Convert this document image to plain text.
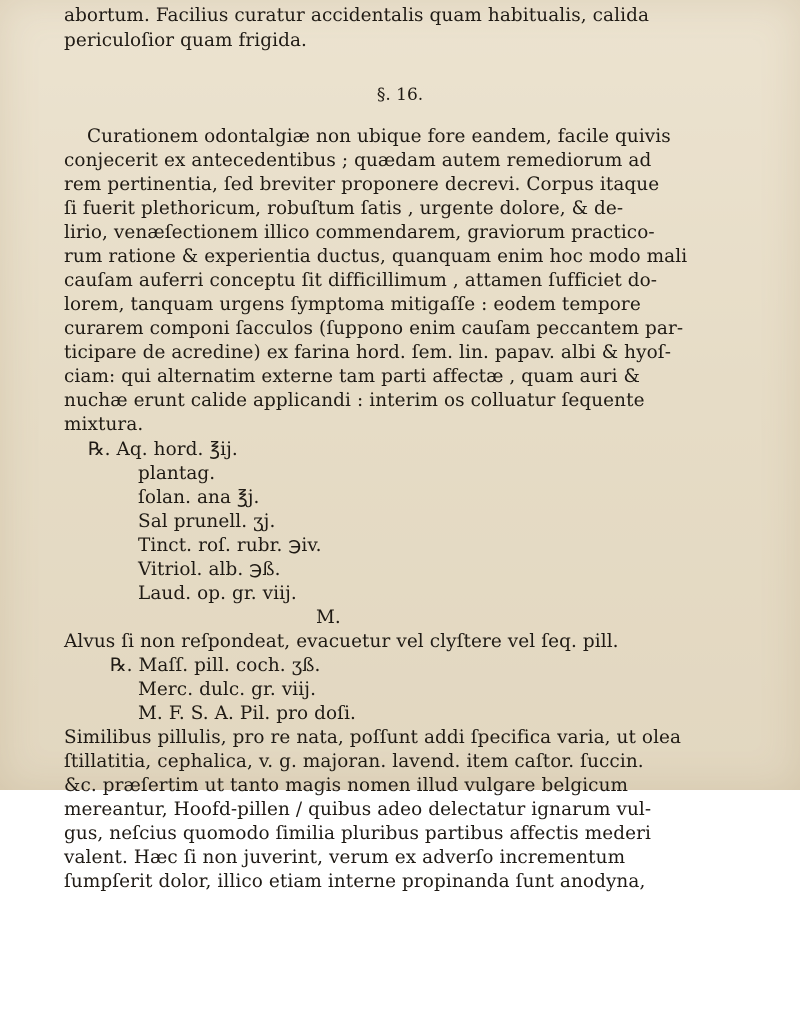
abortum. Facilius curatur accidentalis quam habitualis, calida
periculoſior quam frigida.
§. 16.
Curationem odontalgiæ non ubique fore eandem, facile quivis
conjecerit ex antecedentibus ; quædam autem remediorum ad
rem pertinentia, ſed breviter proponere decrevi. Corpus itaque
ſi fuerit plethoricum, robuſtum ſatis , urgente dolore, & de-
lirio, venæſectionem illico commendarem, graviorum practico-
rum ratione & experientia ductus, quanquam enim hoc modo mali
cauſam auferri conceptu ſit difficillimum , attamen ſufficiet do-
lorem, tanquam urgens ſymptoma mitigaſſe : eodem tempore
curarem componi ſacculos (ſuppono enim cauſam peccantem par-
ticipare de acredine) ex farina hord. ſem. lin. papav. albi & hyoſ-
ciam: qui alternatim externe tam parti affectæ , quam auri &
nuchæ erunt calide applicandi : interim os colluatur ſequente
mixtura.
℞. Aq. hord. ℥ij.
plantag.
ſolan. ana ℥j.
Sal prunell. ʒj.
Tinct. roſ. rubr. ℈iv.
Vitriol. alb. ℈ß.
Laud. op. gr. viij.
M.
Alvus ſi non reſpondeat, evacuetur vel clyſtere vel ſeq. pill.
℞. Maſſ. pill. coch. ʒß.
Merc. dulc. gr. viij.
M. F. S. A. Pil. pro doſi.
Similibus pillulis, pro re nata, poſſunt addi ſpecifica varia, ut olea
ſtillatitia, cephalica, v. g. majoran. lavend. item caſtor. ſuccin.
&c. præſertim ut tanto magis nomen illud vulgare belgicum
mereantur, Hoofd-pillen / quibus adeo delectatur ignarum vul-
gus, neſcius quomodo ſimilia pluribus partibus affectis mederi
valent. Hæc ſi non juverint, verum ex adverſo incrementum
ſumpſerit dolor, illico etiam interne propinanda ſunt anodyna,
